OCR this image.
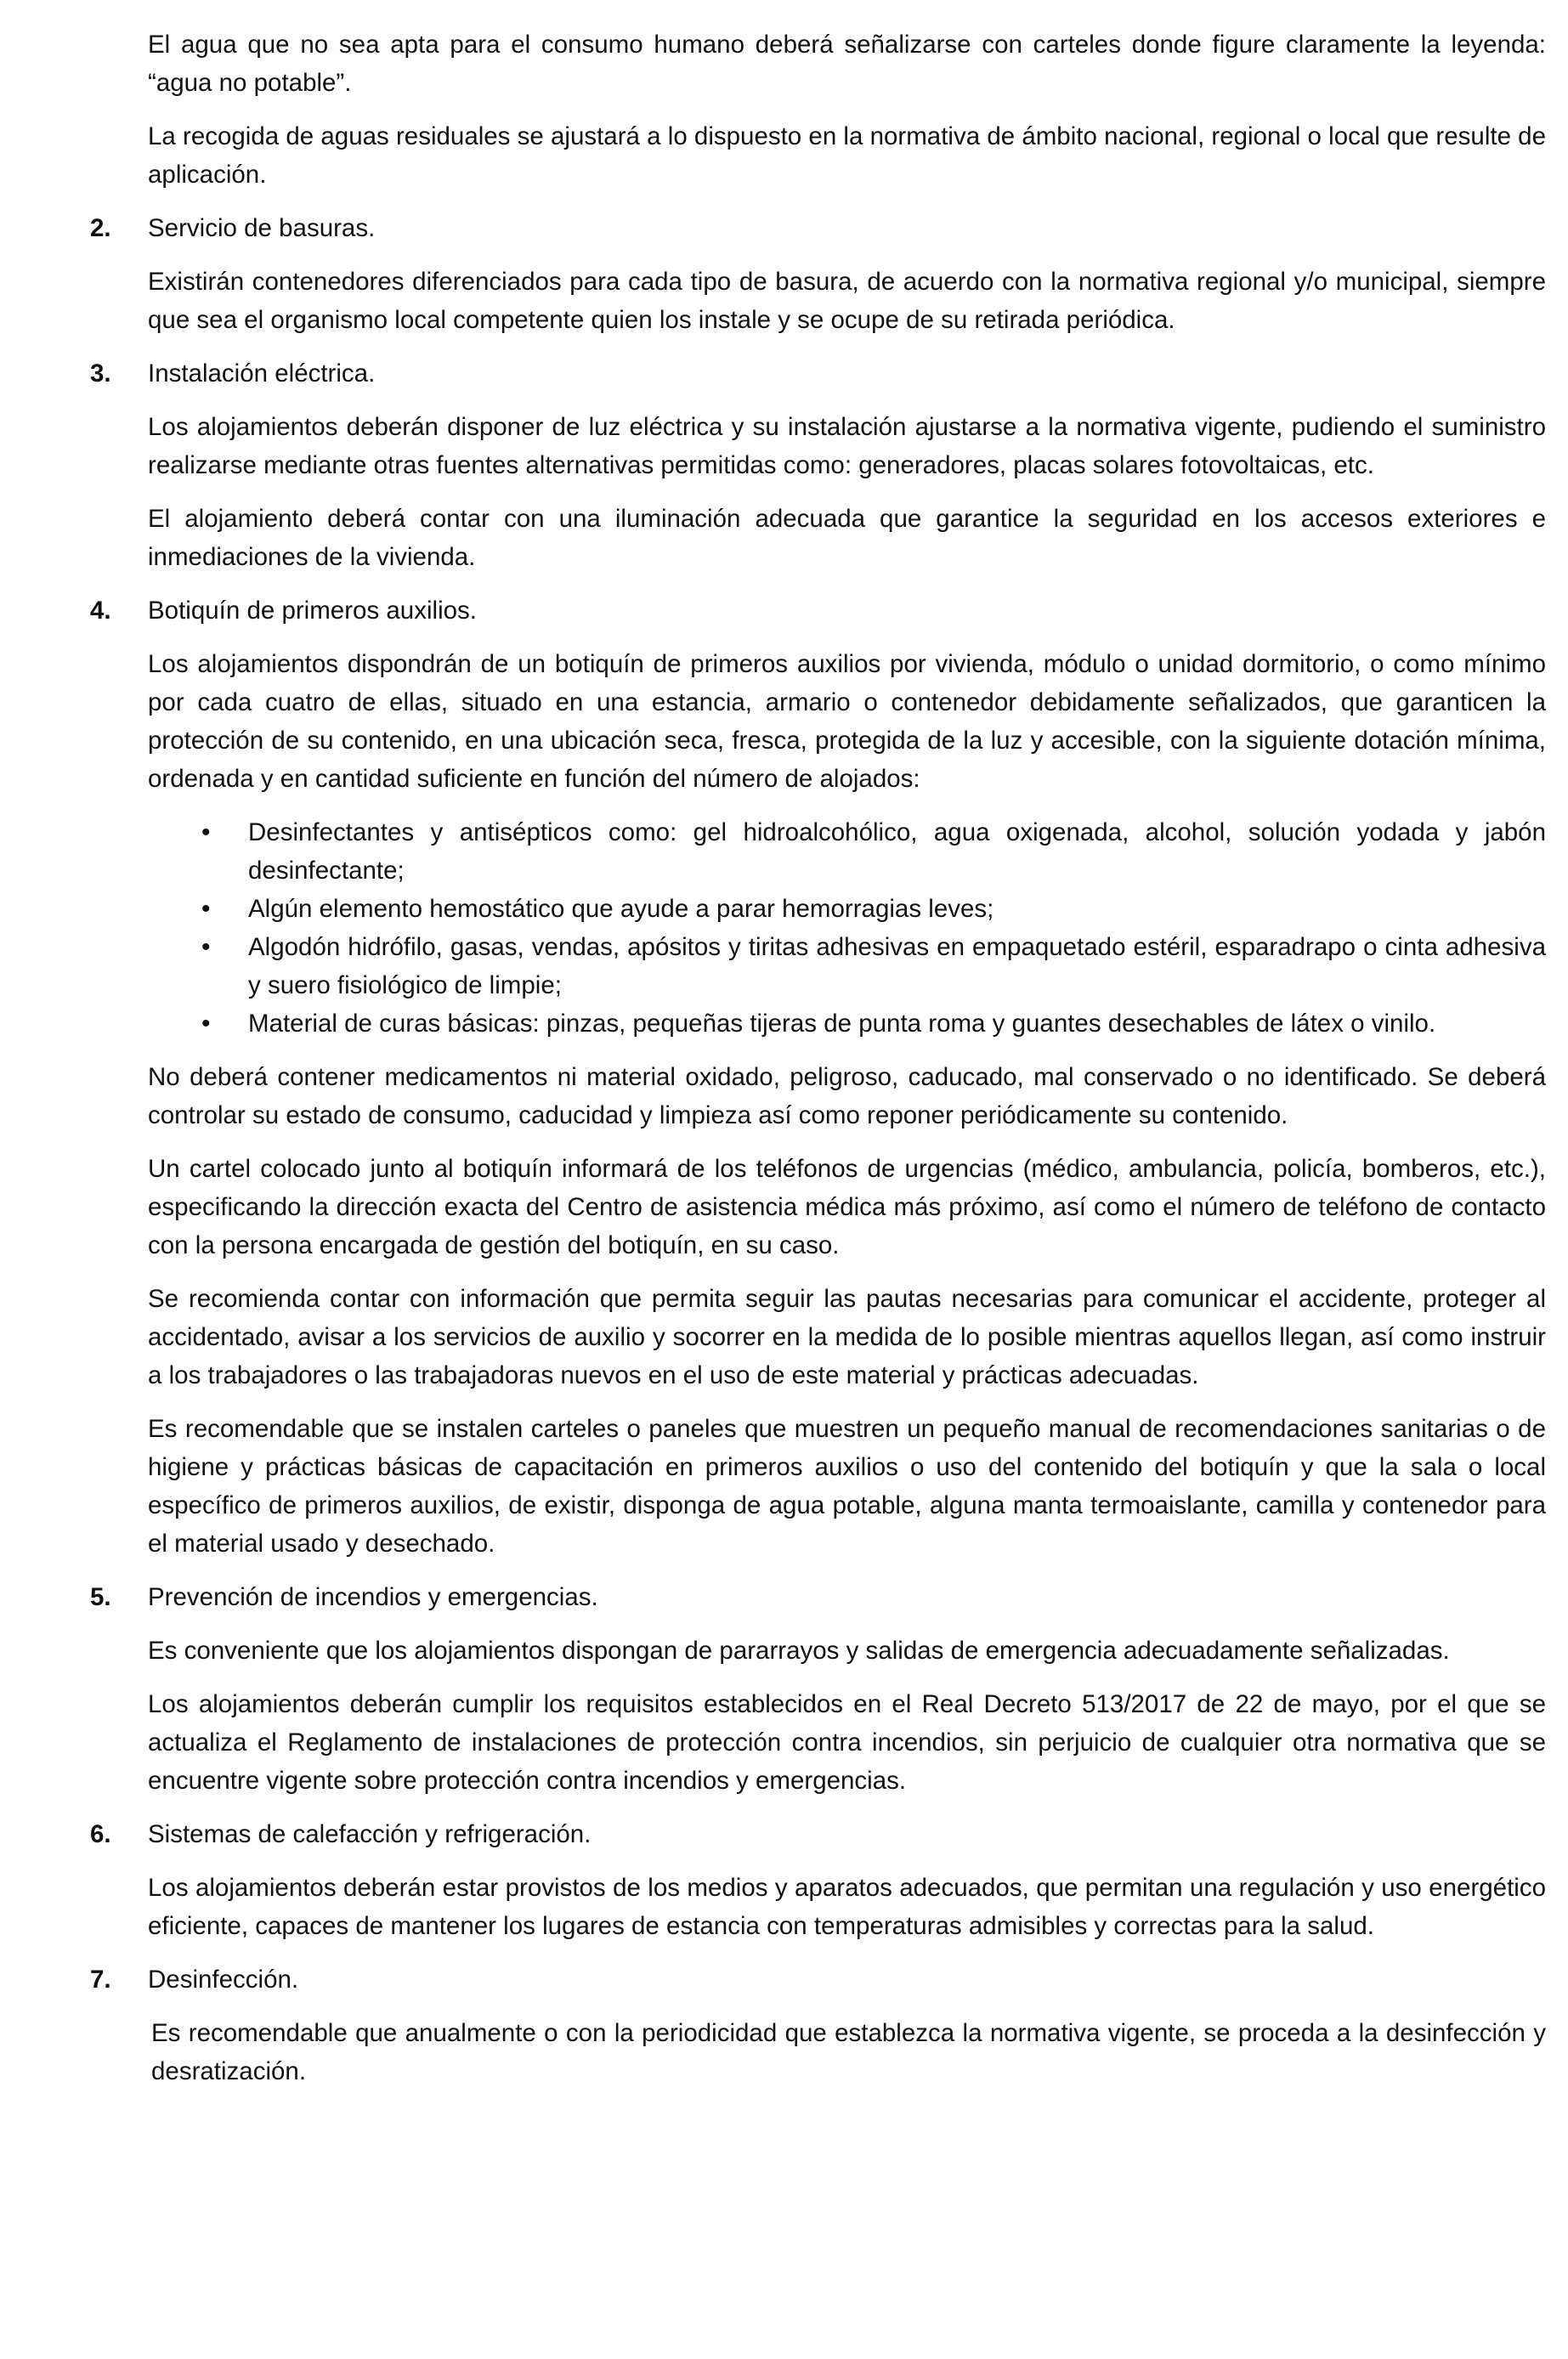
El agua que no sea apta para el consumo humano deberá señalizarse con carteles donde figure claramente la leyenda: “agua no potable”.

La recogida de aguas residuales se ajustará a lo dispuesto en la normativa de ámbito nacional, regional o local que resulte de aplicación.

2. Servicio de basuras.

Existirán contenedores diferenciados para cada tipo de basura, de acuerdo con la normativa regional y/o municipal, siempre que sea el organismo local competente quien los instale y se ocupe de su retirada periódica.

3. Instalación eléctrica.

Los alojamientos deberán disponer de luz eléctrica y su instalación ajustarse a la normativa vigente, pudiendo el suministro realizarse mediante otras fuentes alternativas permitidas como: generadores, placas solares fotovoltaicas, etc.

El alojamiento deberá contar con una iluminación adecuada que garantice la seguridad en los accesos exteriores e inmediaciones de la vivienda.

4. Botiquín de primeros auxilios.

Los alojamientos dispondrán de un botiquín de primeros auxilios por vivienda, módulo o unidad dormitorio, o como mínimo por cada cuatro de ellas, situado en una estancia, armario o contenedor debidamente señalizados, que garanticen la protección de su contenido, en una ubicación seca, fresca, protegida de la luz y accesible, con la siguiente dotación mínima, ordenada y en cantidad suficiente en función del número de alojados:

• Desinfectantes y antisépticos como: gel hidroalcohólico, agua oxigenada, alcohol, solución yodada y jabón desinfectante;
• Algún elemento hemostático que ayude a parar hemorragias leves;
• Algodón hidrófilo, gasas, vendas, apósitos y tiritas adhesivas en empaquetado estéril, esparadrapo o cinta adhesiva y suero fisiológico de limpie;
• Material de curas básicas: pinzas, pequeñas tijeras de punta roma y guantes desechables de látex o vinilo.

No deberá contener medicamentos ni material oxidado, peligroso, caducado, mal conservado o no identificado. Se deberá controlar su estado de consumo, caducidad y limpieza así como reponer periódicamente su contenido.

Un cartel colocado junto al botiquín informará de los teléfonos de urgencias (médico, ambulancia, policía, bomberos, etc.), especificando la dirección exacta del Centro de asistencia médica más próximo, así como el número de teléfono de contacto con la persona encargada de gestión del botiquín, en su caso.

Se recomienda contar con información que permita seguir las pautas necesarias para comunicar el accidente, proteger al accidentado, avisar a los servicios de auxilio y socorrer en la medida de lo posible mientras aquellos llegan, así como instruir a los trabajadores o las trabajadoras nuevos en el uso de este material y prácticas adecuadas.

Es recomendable que se instalen carteles o paneles que muestren un pequeño manual de recomendaciones sanitarias o de higiene y prácticas básicas de capacitación en primeros auxilios o uso del contenido del botiquín y que la sala o local específico de primeros auxilios, de existir, disponga de agua potable, alguna manta termoaislante, camilla y contenedor para el material usado y desechado.

5. Prevención de incendios y emergencias.

Es conveniente que los alojamientos dispongan de pararrayos y salidas de emergencia adecuadamente señalizadas.

Los alojamientos deberán cumplir los requisitos establecidos en el Real Decreto 513/2017 de 22 de mayo, por el que se actualiza el Reglamento de instalaciones de protección contra incendios, sin perjuicio de cualquier otra normativa que se encuentre vigente sobre protección contra incendios y emergencias.

6. Sistemas de calefacción y refrigeración.

Los alojamientos deberán estar provistos de los medios y aparatos adecuados, que permitan una regulación y uso energético eficiente, capaces de mantener los lugares de estancia con temperaturas admisibles y correctas para la salud.

7. Desinfección.

Es recomendable que anualmente o con la periodicidad que establezca la normativa vigente, se proceda a la desinfección y desratización.
